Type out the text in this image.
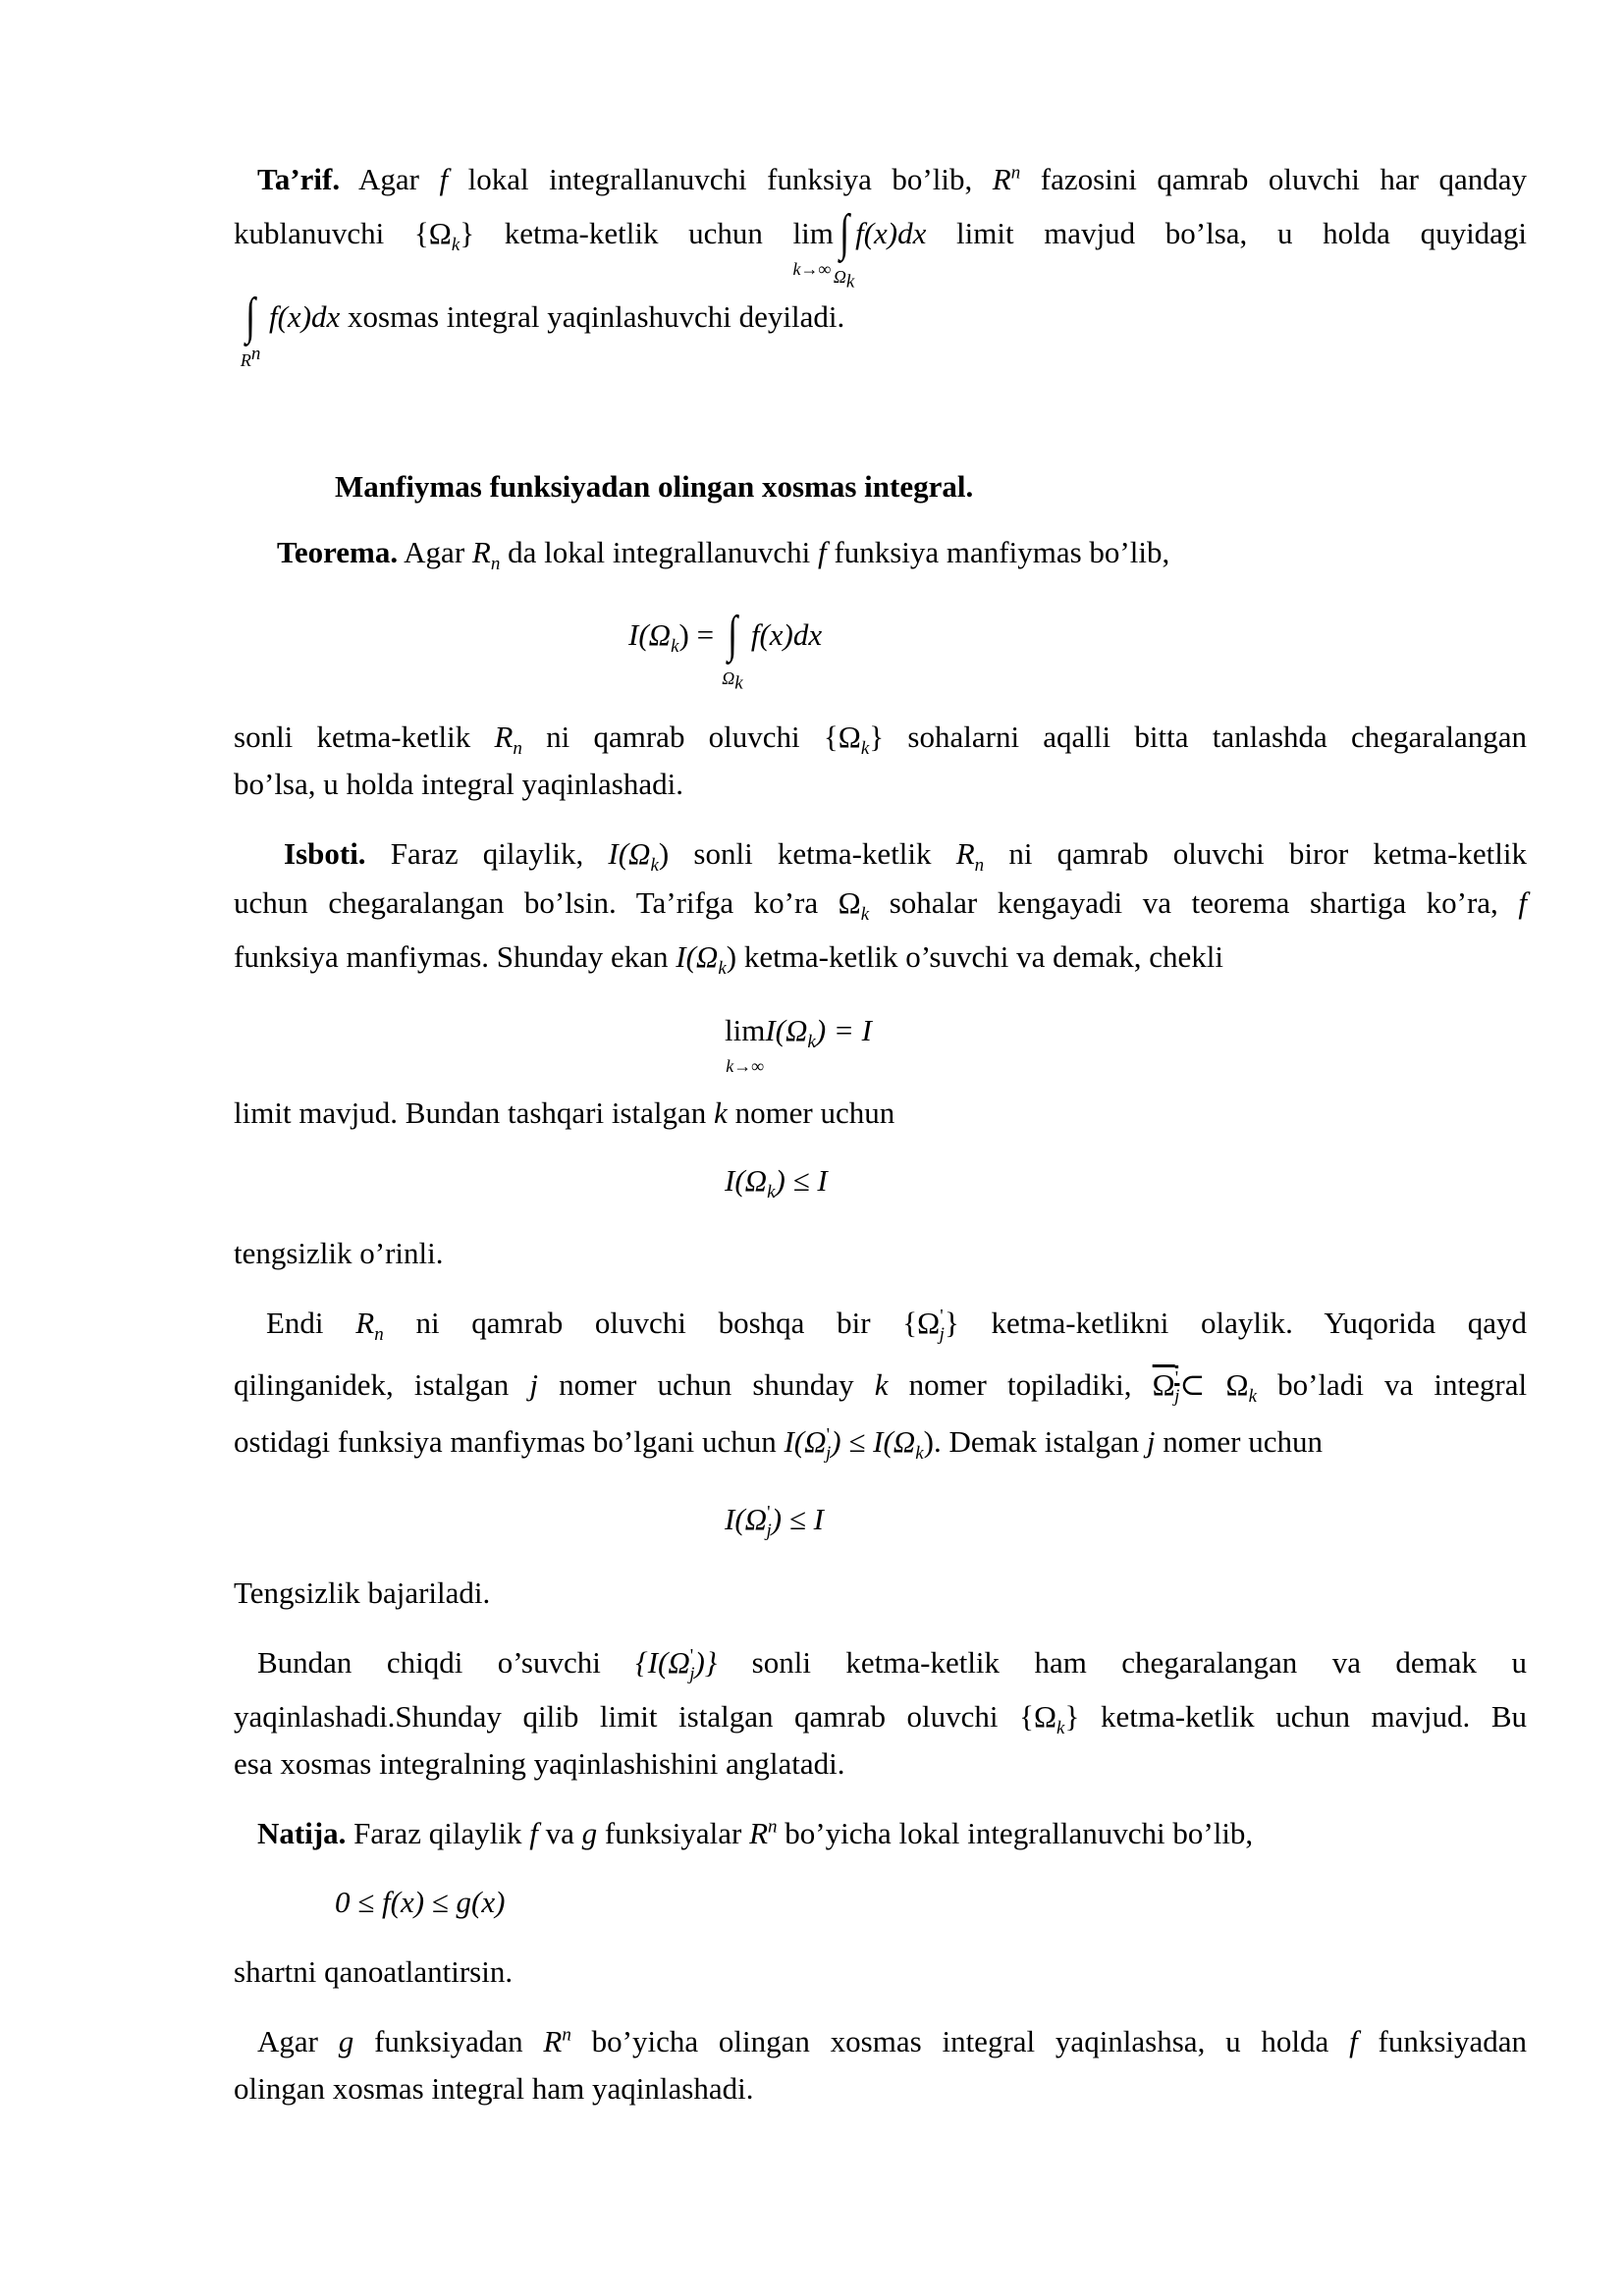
Ta’rif. Agar f lokal integrallanuvchi funksiya bo’lib, $R^n$ fazosini qamrab oluvchi har qanday
kublanuvchi $\{\Omega_k\}$ ketma-ketlik uchun lim
k→∞
∫
$\Omega_k$
f(x)dx limit mavjud bo’lsa, u holda quyidagi
∫
$R^n$
f(x)dx xosmas integral yaqinlashuvchi deyiladi.
Manfiymas funksiyadan olingan xosmas integral.
Teorema. Agar $R_n$ da lokal integrallanuvchi f funksiya manfiymas bo’lib,
$I(\Omega_k)$ = ∫
$\Omega_k$
f(x)dx
sonli ketma-ketlik $R_n$ ni qamrab oluvchi $\{\Omega_k\}$ sohalarni aqalli bitta tanlashda chegaralangan
bo’lsa, u holda integral yaqinlashadi.
Isboti. Faraz qilaylik, $I(\Omega_k)$ sonli ketma-ketlik $R_n$ ni qamrab oluvchi biror ketma-ketlik
uchun chegaralangan bo’lsin. Ta’rifga ko’ra $\Omega_k$ sohalar kengayadi va teorema shartiga ko’ra, f
funksiya manfiymas. Shunday ekan $I(\Omega_k)$ ketma-ketlik o’suvchi va demak, chekli
lim
k→∞
$I(\Omega_k) = I$
limit mavjud. Bundan tashqari istalgan k nomer uchun
$I(\Omega_k) \le I$
tengsizlik o’rinli.
Endi $R_n$ ni qamrab oluvchi boshqa bir $\{\Omega'_j\}$ ketma-ketlikni olaylik. Yuqorida qayd
qilinganidek, istalgan j nomer uchun shunday k nomer topiladiki, $\Omega'_j\subset$ $\Omega_k$ bo’ladi va integral
ostidagi funksiya manfiymas bo’lgani uchun $I(\Omega'_j) \le I(\Omega_k)$. Demak istalgan j nomer uchun
$I(\Omega'_j) \le I$
Tengsizlik bajariladi.
Bundan chiqdi o’suvchi $\{I(\Omega'_j)\}$ sonli ketma-ketlik ham chegaralangan va demak u
yaqinlashadi.Shunday qilib limit istalgan qamrab oluvchi $\{\Omega_k\}$ ketma-ketlik uchun mavjud. Bu
esa xosmas integralning yaqinlashishini anglatadi.
Natija. Faraz qilaylik f va g funksiyalar $R^n$ bo’yicha lokal integrallanuvchi bo’lib,
0 ≤ f(x) ≤ g(x)
shartni qanoatlantirsin.
Agar g funksiyadan $R^n$ bo’yicha olingan xosmas integral yaqinlashsa, u holda f funksiyadan
olingan xosmas integral ham yaqinlashadi.
